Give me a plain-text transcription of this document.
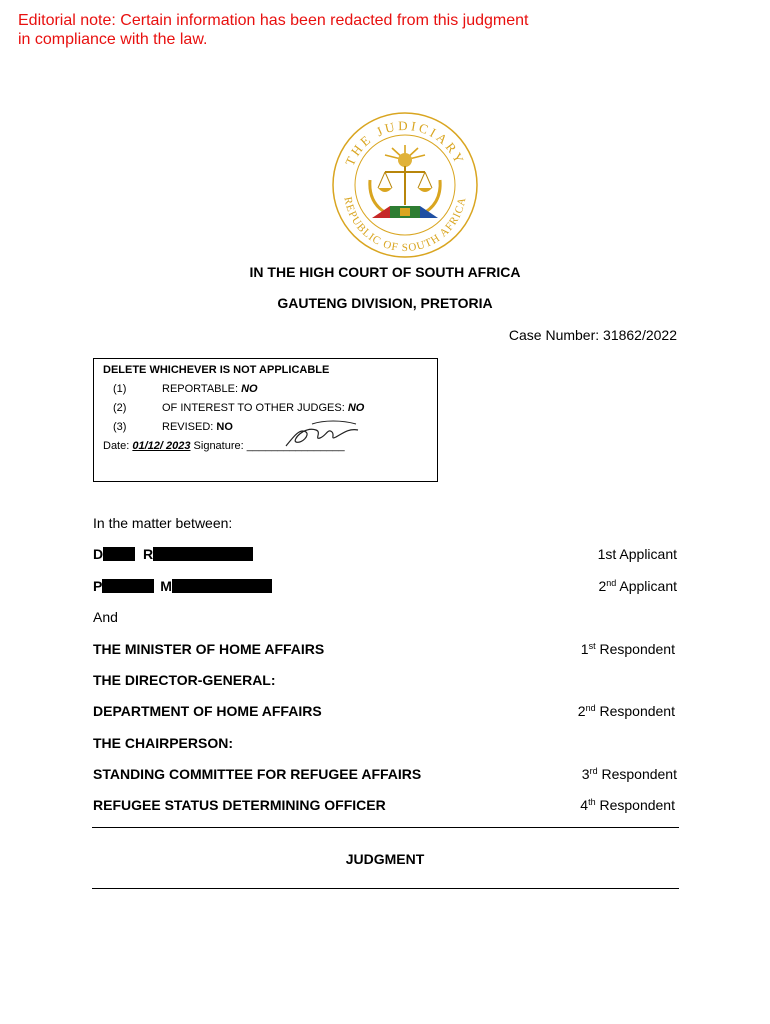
Editorial note: Certain information has been redacted from this judgment in compliance with the law.
THE JUDICIARY
REPUBLIC OF SOUTH AFRICA
IN THE HIGH COURT OF SOUTH AFRICA
GAUTENG DIVISION, PRETORIA
Case Number: 31862/2022
DELETE WHICHEVER IS NOT APPLICABLE
(1)	REPORTABLE: NO
(2)	OF INTEREST TO OTHER JUDGES: NO
(3)	REVISED: NO
Date: 01/12/ 2023 Signature: ________________
In the matter between:
D	R	1st Applicant
P	M	2nd Applicant
And
THE MINISTER OF HOME AFFAIRS	1st Respondent
THE DIRECTOR-GENERAL:
DEPARTMENT OF HOME AFFAIRS	2nd Respondent
THE CHAIRPERSON:
STANDING COMMITTEE FOR REFUGEE AFFAIRS	3rd Respondent
REFUGEE STATUS DETERMINING OFFICER	4th Respondent
JUDGMENT
